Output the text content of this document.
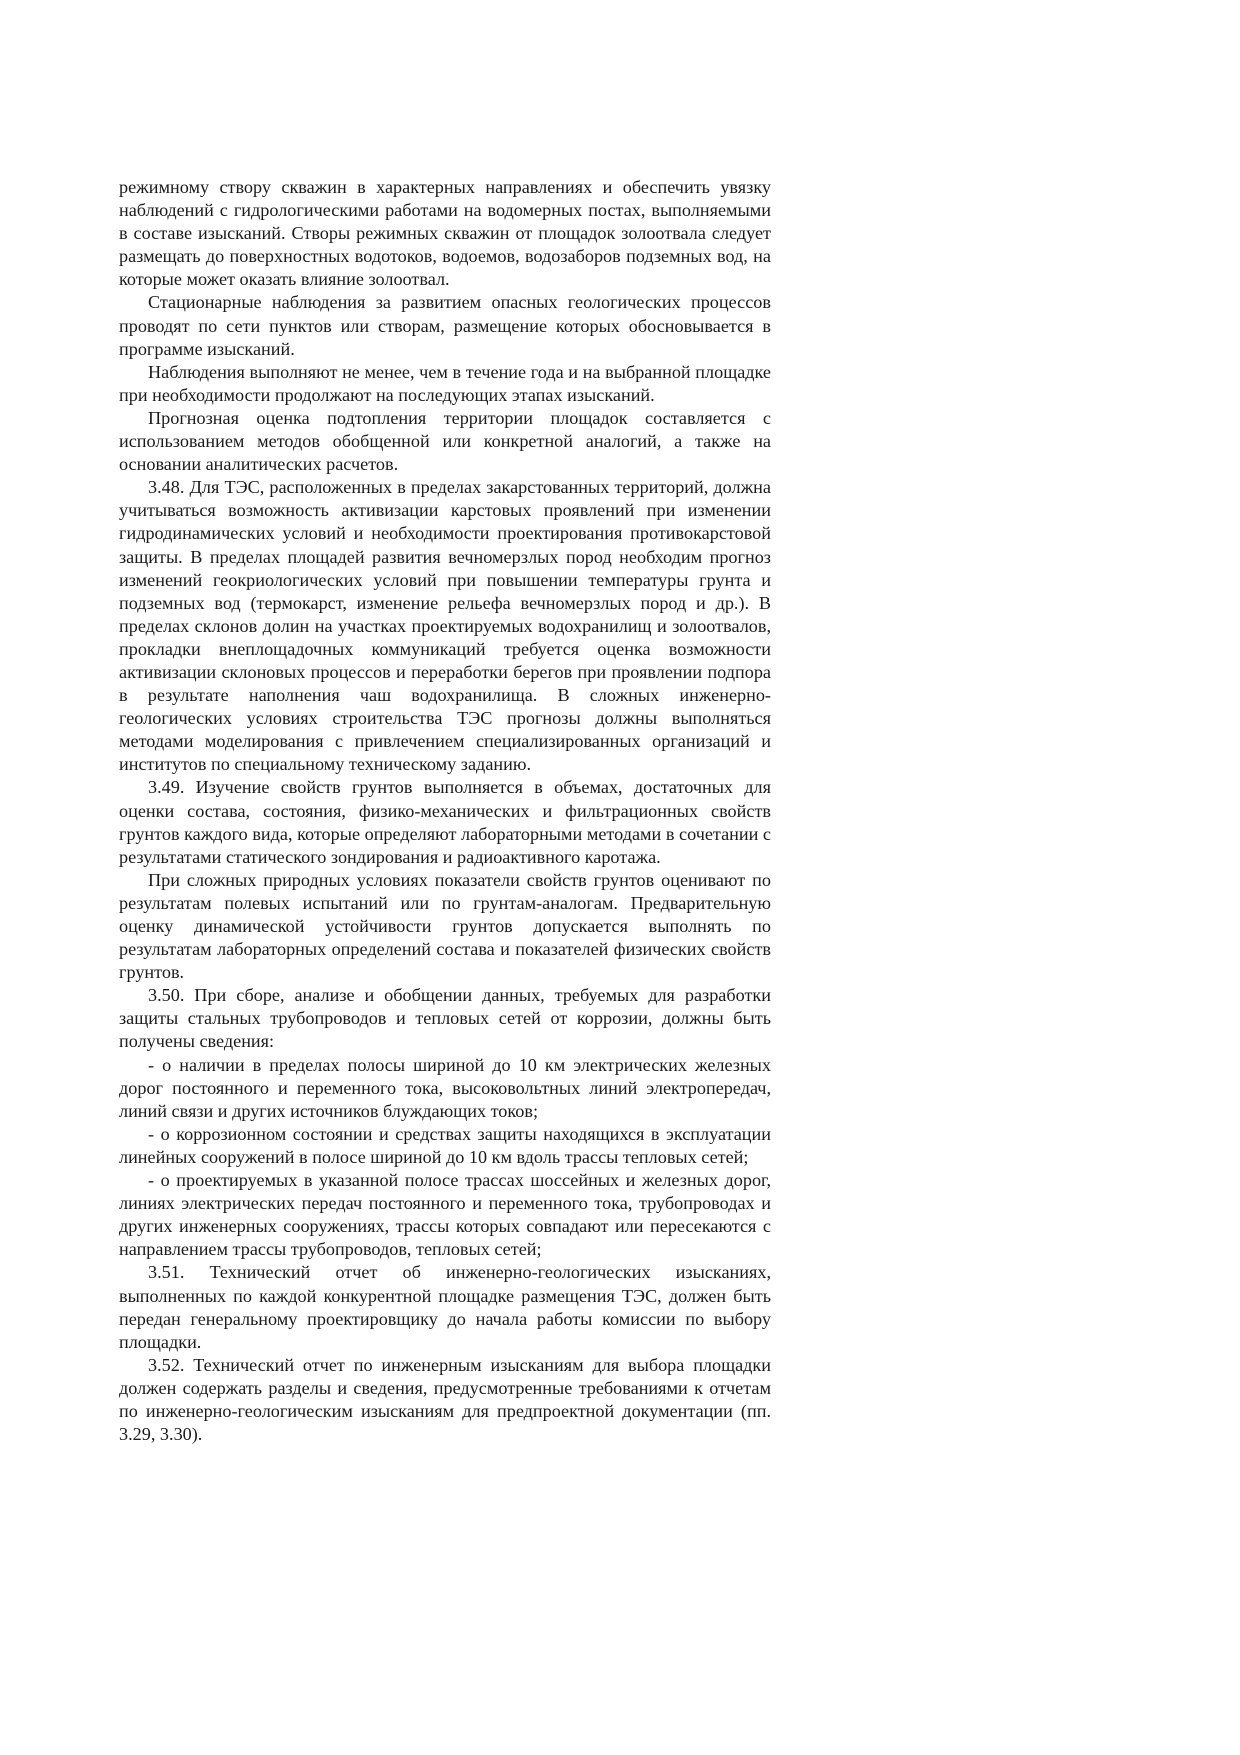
режимному створу скважин в характерных направлениях и обеспечить увязку наблюдений с гидрологическими работами на водомерных постах, выполняемыми в составе изысканий. Створы режимных скважин от площадок золоотвала следует размещать до поверхностных водотоков, водоемов, водозаборов подземных вод, на которые может оказать влияние золоотвал.

Стационарные наблюдения за развитием опасных геологических процессов проводят по сети пунктов или створам, размещение которых обосновывается в программе изысканий.

Наблюдения выполняют не менее, чем в течение года и на выбранной площадке при необходимости продолжают на последующих этапах изысканий.

Прогнозная оценка подтопления территории площадок составляется с использованием методов обобщенной или конкретной аналогий, а также на основании аналитических расчетов.

3.48. Для ТЭС, расположенных в пределах закарстованных территорий, должна учитываться возможность активизации карстовых проявлений при изменении гидродинамических условий и необходимости проектирования противокарстовой защиты. В пределах площадей развития вечномерзлых пород необходим прогноз изменений геокриологических условий при повышении температуры грунта и подземных вод (термокарст, изменение рельефа вечномерзлых пород и др.). В пределах склонов долин на участках проектируемых водохранилищ и золоотвалов, прокладки внеплощадочных коммуникаций требуется оценка возможности активизации склоновых процессов и переработки берегов при проявлении подпора в результате наполнения чаш водохранилища. В сложных инженерно-геологических условиях строительства ТЭС прогнозы должны выполняться методами моделирования с привлечением специализированных организаций и институтов по специальному техническому заданию.

3.49. Изучение свойств грунтов выполняется в объемах, достаточных для оценки состава, состояния, физико-механических и фильтрационных свойств грунтов каждого вида, которые определяют лабораторными методами в сочетании с результатами статического зондирования и радиоактивного каротажа.

При сложных природных условиях показатели свойств грунтов оценивают по результатам полевых испытаний или по грунтам-аналогам. Предварительную оценку динамической устойчивости грунтов допускается выполнять по результатам лабораторных определений состава и показателей физических свойств грунтов.

3.50. При сборе, анализе и обобщении данных, требуемых для разработки защиты стальных трубопроводов и тепловых сетей от коррозии, должны быть получены сведения:

- о наличии в пределах полосы шириной до 10 км электрических железных дорог постоянного и переменного тока, высоковольтных линий электропередач, линий связи и других источников блуждающих токов;

- о коррозионном состоянии и средствах защиты находящихся в эксплуатации линейных сооружений в полосе шириной до 10 км вдоль трассы тепловых сетей;

- о проектируемых в указанной полосе трассах шоссейных и железных дорог, линиях электрических передач постоянного и переменного тока, трубопроводах и других инженерных сооружениях, трассы которых совпадают или пересекаются с направлением трассы трубопроводов, тепловых сетей;

3.51. Технический отчет об инженерно-геологических изысканиях, выполненных по каждой конкурентной площадке размещения ТЭС, должен быть передан генеральному проектировщику до начала работы комиссии по выбору площадки.

3.52. Технический отчет по инженерным изысканиям для выбора площадки должен содержать разделы и сведения, предусмотренные требованиями к отчетам по инженерно-геологическим изысканиям для предпроектной документации (пп. 3.29, 3.30).
